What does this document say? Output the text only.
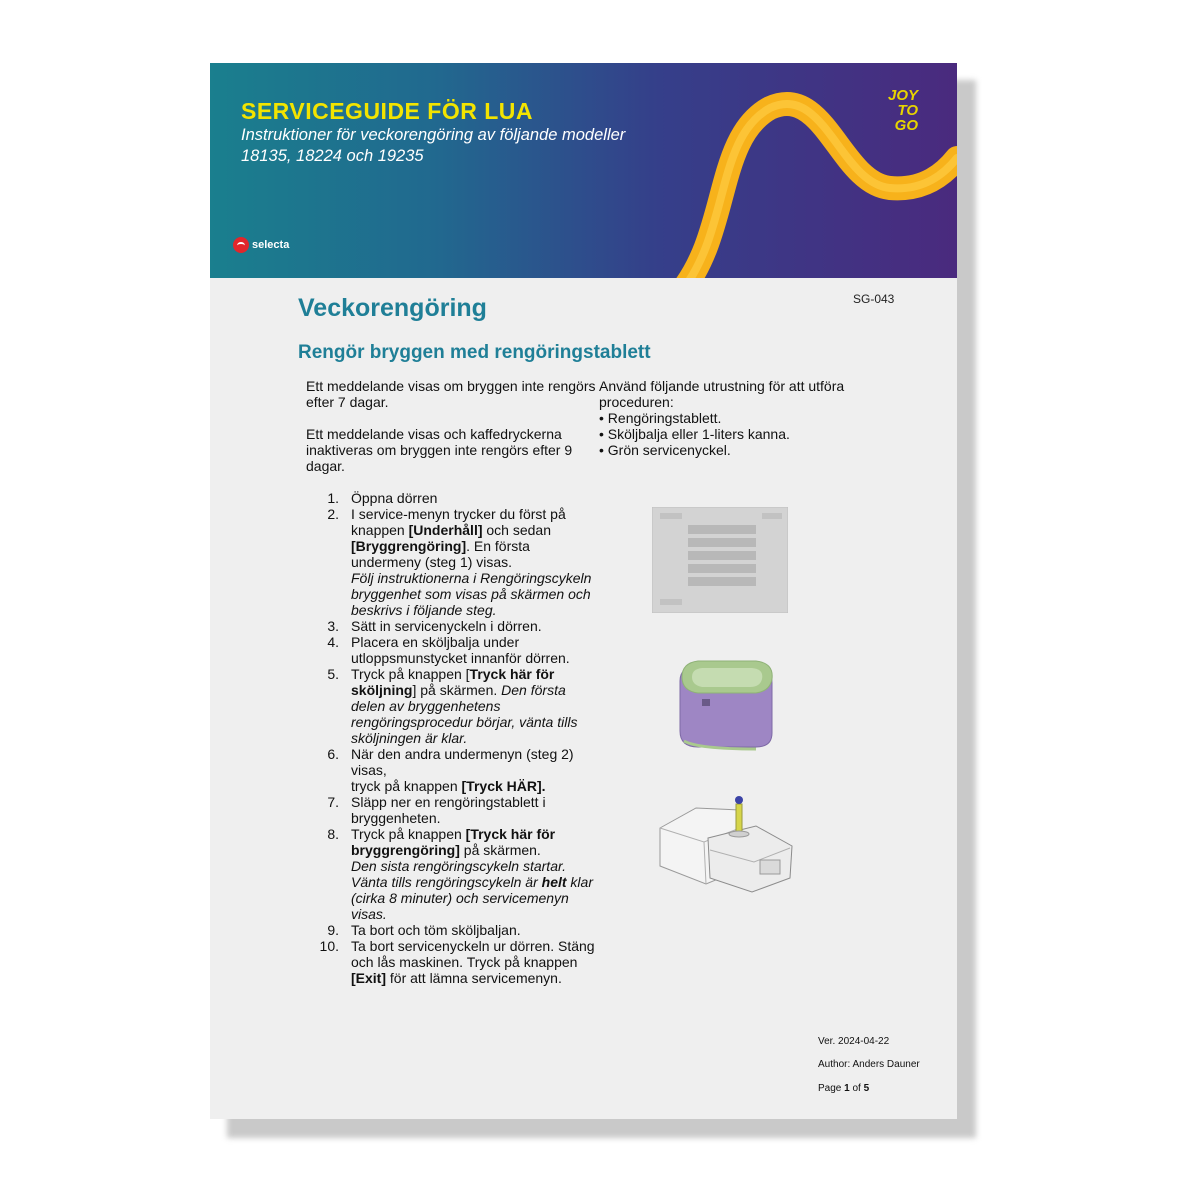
SERVICEGUIDE FÖR LUA
Instruktioner för veckorengöring av följande modeller
18135, 18224 och 19235
selecta
JOY
TO
GO
SG-043
Veckorengöring
Rengör bryggen med rengöringstablett

Ett meddelande visas om bryggen inte rengörs efter 7 dagar.

Ett meddelande visas och kaffedryckerna inaktiveras om bryggen inte rengörs efter 9 dagar.

1. Öppna dörren
2. I service-menyn trycker du först på knappen [Underhåll] och sedan [Bryggrengöring]. En första undermeny (steg 1) visas.
Följ instruktionerna i Rengöringscykeln bryggenhet som visas på skärmen och beskrivs i följande steg.
3. Sätt in servicenyckeln i dörren.
4. Placera en sköljbalja under utloppsmunstycket innanför dörren.
5. Tryck på knappen [Tryck här för sköljning] på skärmen. Den första delen av bryggenhetens rengöringsprocedur börjar, vänta tills sköljningen är klar.
6. När den andra undermenyn (steg 2) visas,
tryck på knappen [Tryck HÄR].
7. Släpp ner en rengöringstablett i bryggenheten.
8. Tryck på knappen [Tryck här för bryggrengöring] på skärmen.
Den sista rengöringscykeln startar. Vänta tills rengöringscykeln är helt klar (cirka 8 minuter) och servicemenyn visas.
9. Ta bort och töm sköljbaljan.
10. Ta bort servicenyckeln ur dörren. Stäng och lås maskinen. Tryck på knappen [Exit] för att lämna servicemenyn.
Använd följande utrustning för att utföra proceduren:
• Rengöringstablett.
• Sköljbalja eller 1-liters kanna.
• Grön servicenyckel.
Ver. 2024-04-22
Author: Anders Dauner
Page 1 of 5
